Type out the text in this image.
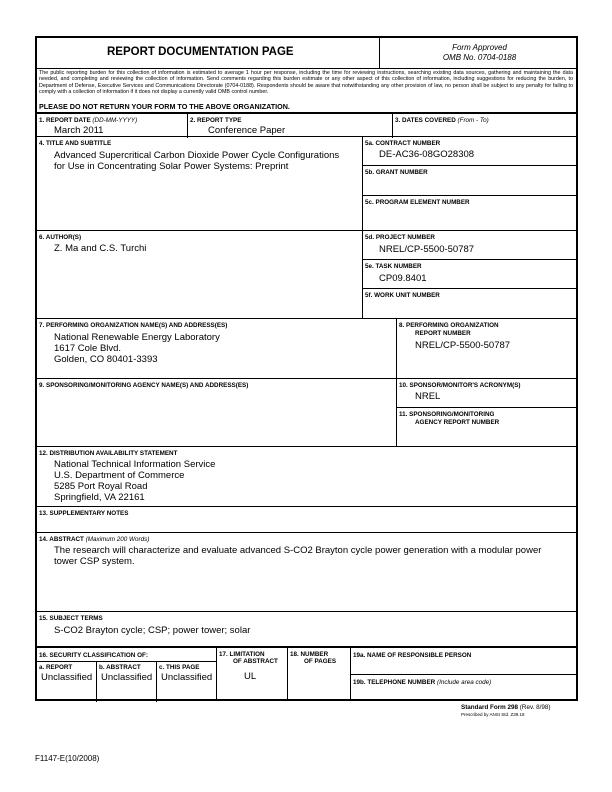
REPORT DOCUMENTATION PAGE	Form Approved
OMB No. 0704-0188
The public reporting burden for this collection of information is estimated to average 1 hour per response, including the time for reviewing instructions, searching existing data sources, gathering and maintaining the data needed, and completing and reviewing the collection of information. Send comments regarding this burden estimate or any other aspect of this collection of information, including suggestions for reducing the burden, to Department of Defense, Executive Services and Communications Directorate (0704-0188). Respondents should be aware that notwithstanding any other provision of law, no person shall be subject to any penalty for failing to comply with a collection of information if it does not display a currently valid OMB control number.
PLEASE DO NOT RETURN YOUR FORM TO THE ABOVE ORGANIZATION.
1. REPORT DATE (DD-MM-YYYY)
March 2011
2. REPORT TYPE
Conference Paper
3. DATES COVERED (From - To)
4. TITLE AND SUBTITLE
Advanced Supercritical Carbon Dioxide Power Cycle Configurations
for Use in Concentrating Solar Power Systems: Preprint
5a. CONTRACT NUMBER
DE-AC36-08GO28308
5b. GRANT NUMBER
5c. PROGRAM ELEMENT NUMBER
6. AUTHOR(S)
Z. Ma and C.S. Turchi
5d. PROJECT NUMBER
NREL/CP-5500-50787
5e. TASK NUMBER
CP09.8401
5f. WORK UNIT NUMBER
7. PERFORMING ORGANIZATION NAME(S) AND ADDRESS(ES)
National Renewable Energy Laboratory
1617 Cole Blvd.
Golden, CO 80401-3393
8. PERFORMING ORGANIZATION
REPORT NUMBER
NREL/CP-5500-50787
9. SPONSORING/MONITORING AGENCY NAME(S) AND ADDRESS(ES)	10. SPONSOR/MONITOR'S ACRONYM(S)
NREL
11. SPONSORING/MONITORING
AGENCY REPORT NUMBER
12. DISTRIBUTION AVAILABILITY STATEMENT
National Technical Information Service
U.S. Department of Commerce
5285 Port Royal Road
Springfield, VA 22161
13. SUPPLEMENTARY NOTES
14. ABSTRACT (Maximum 200 Words)
The research will characterize and evaluate advanced S-CO2 Brayton cycle power generation with a modular power
tower CSP system.
15. SUBJECT TERMS
S-CO2 Brayton cycle; CSP; power tower; solar
16. SECURITY CLASSIFICATION OF:
a. REPORT
Unclassified
b. ABSTRACT
Unclassified
c. THIS PAGE
Unclassified
17. LIMITATION
OF ABSTRACT
UL
18. NUMBER
OF PAGES
19a. NAME OF RESPONSIBLE PERSON
19b. TELEPHONE NUMBER (Include area code)
Standard Form 298 (Rev. 8/98)
Prescribed by ANSI Std. Z39.18
F1147-E(10/2008)
